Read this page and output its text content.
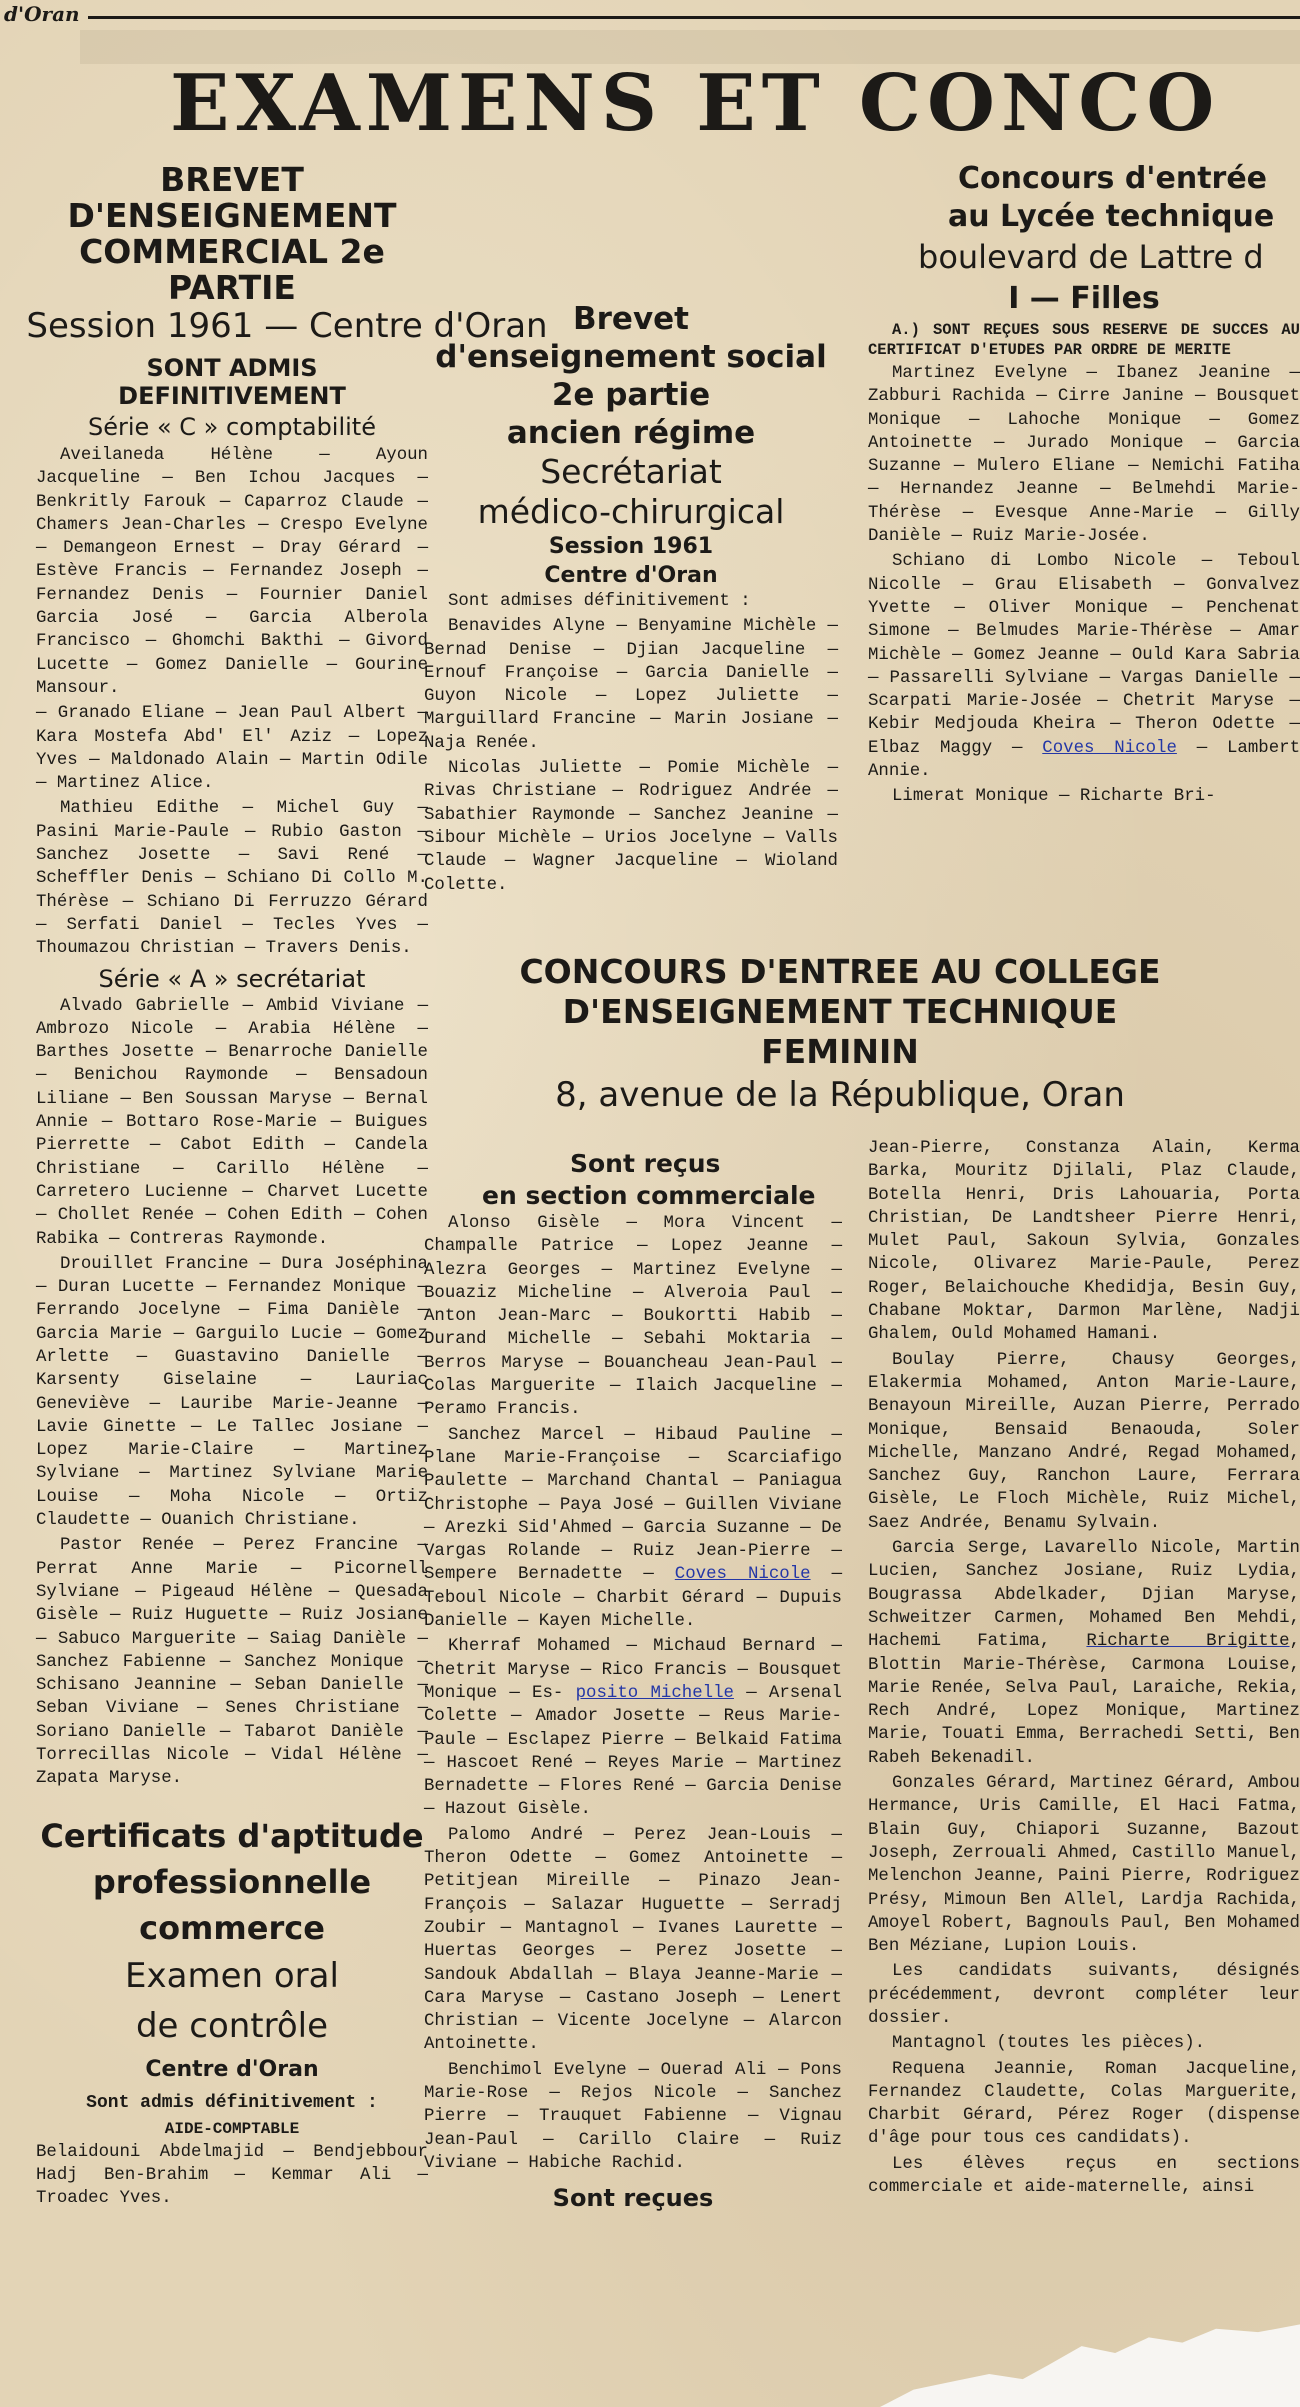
d'Oran
EXAMENS ET CONCO
BREVET D'ENSEIGNEMENT
COMMERCIAL 2e PARTIE
Session 1961 — Centre d'Oran
SONT ADMIS
DEFINITIVEMENT
Série « C » comptabilité

Aveilaneda Hélène — Ayoun Jacqueline — Ben Ichou Jacques — Benkritly Farouk — Caparroz Claude — Chamers Jean-Charles — Crespo Evelyne — Demangeon Ernest — Dray Gérard — Estève Francis — Fernandez Joseph — Fernandez Denis — Fournier Daniel Garcia José — Garcia Alberola Francisco — Ghomchi Bakthi — Givord Lucette — Gomez Danielle — Gourine Mansour.

— Granado Eliane — Jean Paul Albert — Kara Mostefa Abd' El' Aziz — Lopez Yves — Maldonado Alain — Martin Odile — Martinez Alice.

Mathieu Edithe — Michel Guy — Pasini Marie-Paule — Rubio Gaston — Sanchez Josette — Savi René — Scheffler Denis — Schiano Di Collo M. Thérèse — Schiano Di Ferruzzo Gérard — Serfati Daniel — Tecles Yves — Thoumazou Christian — Travers Denis.

Série « A » secrétariat

Alvado Gabrielle — Ambid Viviane — Ambrozo Nicole — Arabia Hélène — Barthes Josette — Benarroche Danielle — Benichou Raymonde — Bensadoun Liliane — Ben Soussan Maryse — Bernal Annie — Bottaro Rose-Marie — Buigues Pierrette — Cabot Edith — Candela Christiane — Carillo Hélène — Carretero Lucienne — Charvet Lucette — Chollet Renée — Cohen Edith — Cohen Rabika — Contreras Raymonde.

Drouillet Francine — Dura Joséphina — Duran Lucette — Fernandez Monique — Ferrando Jocelyne — Fima Danièle — Garcia Marie — Garguilo Lucie — Gomez Arlette — Guastavino Danielle — Karsenty Giselaine — Lauriac Geneviève — Lauribe Marie-Jeanne — Lavie Ginette — Le Tallec Josiane — Lopez Marie-Claire — Martinez Sylviane — Martinez Sylviane Marie Louise — Moha Nicole — Ortiz Claudette — Ouanich Christiane.

Pastor Renée — Perez Francine — Perrat Anne Marie — Picornell Sylviane — Pigeaud Hélène — Quesada Gisèle — Ruiz Huguette — Ruiz Josiane — Sabuco Marguerite — Saiag Danièle — Sanchez Fabienne — Sanchez Monique — Schisano Jeannine — Seban Danielle — Seban Viviane — Senes Christiane — Soriano Danielle — Tabarot Danièle — Torrecillas Nicole — Vidal Hélène — Zapata Maryse.

Certificats d'aptitude
professionnelle
commerce
Examen oral
de contrôle
Centre d'Oran
Sont admis définitivement :
AIDE-COMPTABLE

Belaidouni Abdelmajid — Bendjebbour Hadj Ben-Brahim — Kemmar Ali — Troadec Yves.

Brevet
d'enseignement social
2e partie
ancien régime
Secrétariat
médico-chirurgical
Session 1961
Centre d'Oran

Sont admises définitivement :

Benavides Alyne — Benyamine Michèle — Bernad Denise — Djian Jacqueline — Ernouf Françoise — Garcia Danielle — Guyon Nicole — Lopez Juliette — Marguillard Francine — Marin Josiane — Naja Renée.

Nicolas Juliette — Pomie Michèle — Rivas Christiane — Rodriguez Andrée — Sabathier Raymonde — Sanchez Jeanine — Sibour Michèle — Urios Jocelyne — Valls Claude — Wagner Jacqueline — Wioland Colette.

Concours d'entrée
au Lycée technique
boulevard de Lattre d
I — Filles

A.) SONT REÇUES SOUS RESERVE DE SUCCES AU CERTIFICAT D'ETUDES PAR ORDRE DE MERITE

Martinez Evelyne — Ibanez Jeanine — Zabburi Rachida — Cirre Janine — Bousquet Monique — Lahoche Monique — Gomez Antoinette — Jurado Monique — Garcia Suzanne — Mulero Eliane — Nemichi Fatiha — Hernandez Jeanne — Belmehdi Marie-Thérèse — Evesque Anne-Marie — Gilly Danièle — Ruiz Marie-Josée.

Schiano di Lombo Nicole — Teboul Nicolle — Grau Elisabeth — Gonvalvez Yvette — Oliver Monique — Penchenat Simone — Belmudes Marie-Thérèse — Amar Michèle — Gomez Jeanne — Ould Kara Sabria — Passarelli Sylviane — Vargas Danielle — Scarpati Marie-Josée — Chetrit Maryse — Kebir Medjouda Kheira — Theron Odette — Elbaz Maggy — Coves Nicole — Lambert Annie.

Limerat Monique — Richarte Bri-

CONCOURS D'ENTREE AU COLLEGE
D'ENSEIGNEMENT TECHNIQUE
FEMININ
8, avenue de la République, Oran
Sont reçus
en section commerciale

Alonso Gisèle — Mora Vincent — Champalle Patrice — Lopez Jeanne — Alezra Georges — Martinez Evelyne — Bouaziz Micheline — Alveroia Paul — Anton Jean-Marc — Boukortti Habib — Durand Michelle — Sebahi Moktaria — Berros Maryse — Bouancheau Jean-Paul — Colas Marguerite — Ilaich Jacqueline — Peramo Francis.

Sanchez Marcel — Hibaud Pauline — Plane Marie-Françoise — Scarciafigo Paulette — Marchand Chantal — Paniagua Christophe — Paya José — Guillen Viviane — Arezki Sid'Ahmed — Garcia Suzanne — De Vargas Rolande — Ruiz Jean-Pierre — Sempere Bernadette — Coves Nicole — Teboul Nicole — Charbit Gérard — Dupuis Danielle — Kayen Michelle.

Kherraf Mohamed — Michaud Bernard — Chetrit Maryse — Rico Francis — Bousquet Monique — Es- posito Michelle — Arsenal Colette — Amador Josette — Reus Marie-Paule — Esclapez Pierre — Belkaid Fatima — Hascoet René — Reyes Marie — Martinez Bernadette — Flores René — Garcia Denise — Hazout Gisèle.

Palomo André — Perez Jean-Louis — Theron Odette — Gomez Antoinette — Petitjean Mireille — Pinazo Jean-François — Salazar Huguette — Serradj Zoubir — Mantagnol — Ivanes Laurette — Huertas Georges — Perez Josette — Sandouk Abdallah — Blaya Jeanne-Marie — Cara Maryse — Castano Joseph — Lenert Christian — Vicente Jocelyne — Alarcon Antoinette.

Benchimol Evelyne — Ouerad Ali — Pons Marie-Rose — Rejos Nicole — Sanchez Pierre — Trauquet Fabienne — Vignau Jean-Paul — Carillo Claire — Ruiz Viviane — Habiche Rachid.

Sont reçues

Jean-Pierre, Constanza Alain, Kerma Barka, Mouritz Djilali, Plaz Claude, Botella Henri, Dris Lahouaria, Porta Christian, De Landtsheer Pierre Henri, Mulet Paul, Sakoun Sylvia, Gonzales Nicole, Olivarez Marie-Paule, Perez Roger, Belaichouche Khedidja, Besin Guy, Chabane Moktar, Darmon Marlène, Nadji Ghalem, Ould Mohamed Hamani.

Boulay Pierre, Chausy Georges, Elakermia Mohamed, Anton Marie-Laure, Benayoun Mireille, Auzan Pierre, Perrado Monique, Bensaid Benaouda, Soler Michelle, Manzano André, Regad Mohamed, Sanchez Guy, Ranchon Laure, Ferrara Gisèle, Le Floch Michèle, Ruiz Michel, Saez Andrée, Benamu Sylvain.

Garcia Serge, Lavarello Nicole, Martin Lucien, Sanchez Josiane, Ruiz Lydia, Bougrassa Abdelkader, Djian Maryse, Schweitzer Carmen, Mohamed Ben Mehdi, Hachemi Fatima, Richarte Brigitte, Blottin Marie-Thérèse, Carmona Louise, Marie Renée, Selva Paul, Laraiche, Rekia, Rech André, Lopez Monique, Martinez Marie, Touati Emma, Berrachedi Setti, Ben Rabeh Bekenadil.

Gonzales Gérard, Martinez Gérard, Ambou Hermance, Uris Camille, El Haci Fatma, Blain Guy, Chiapori Suzanne, Bazout Joseph, Zerrouali Ahmed, Castillo Manuel, Melenchon Jeanne, Paini Pierre, Rodriguez Présy, Mimoun Ben Allel, Lardja Rachida, Amoyel Robert, Bagnouls Paul, Ben Mohamed Ben Méziane, Lupion Louis.

Les candidats suivants, désignés précédemment, devront compléter leur dossier.

Mantagnol (toutes les pièces).

Requena Jeannie, Roman Jacqueline, Fernandez Claudette, Colas Marguerite, Charbit Gérard, Pérez Roger (dispense d'âge pour tous ces candidats).

Les élèves reçus en sections commerciale et aide-maternelle, ainsi
